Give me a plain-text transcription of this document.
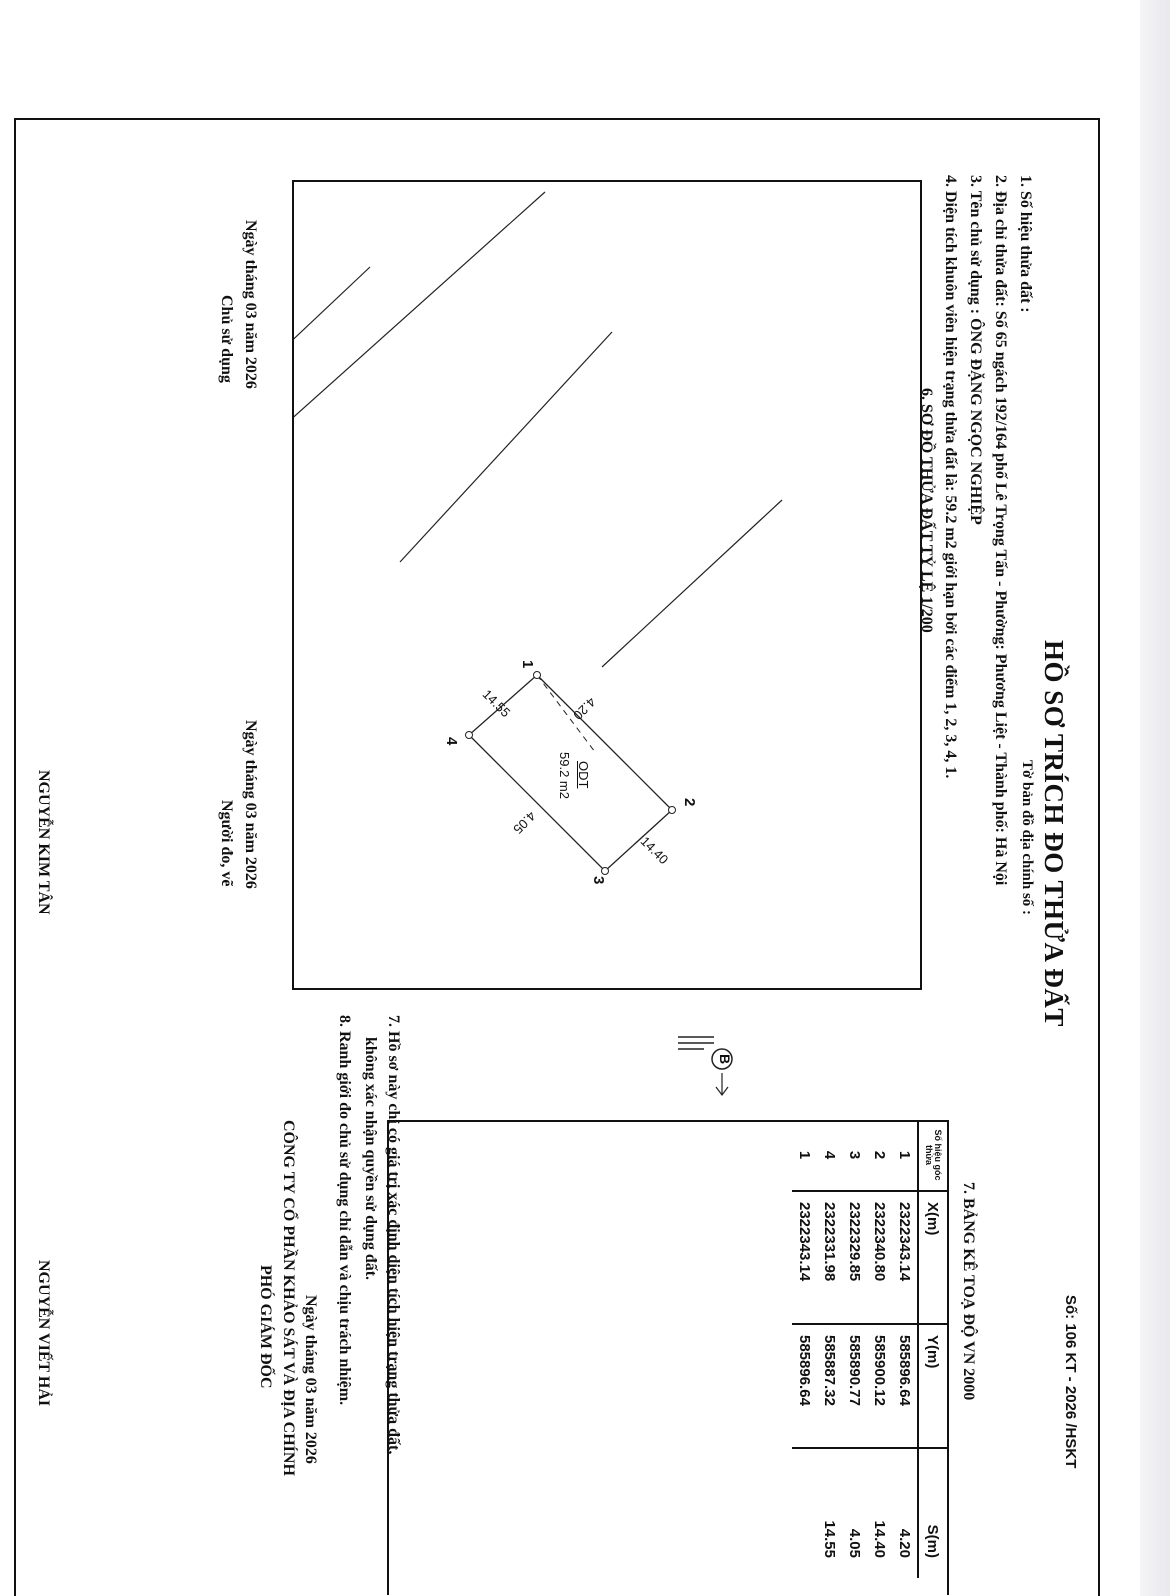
Số: 106 KT - 2026 /HSKT
HỒ SƠ TRÍCH ĐO THỬA ĐẤT
Tờ bản đồ địa chính số :
1. Số hiệu thửa đất :
2. Địa chỉ thửa đất: Số 65 ngách 192/164 phố Lê Trọng Tấn - Phường: Phương Liệt - Thành phố: Hà Nội
3. Tên chủ sử dụng : ÔNG ĐẶNG NGỌC NGHIỆP
4. Diện tích khuôn viên hiện trạng thửa đất là: 59.2 m2 giới hạn bởi các điểm 1, 2, 3, 4, 1.
6. SƠ ĐỒ THỬA ĐẤT TỶ LỆ 1/200
7. BẢNG KÊ TOẠ ĐỘ VN 2000
1
2
3
4
4.20
14.40
4.05
14.55
ODT
59.2 m2
B
Số hiệu góc thửa	X(m)	Y(m)	S(m)
1	2322343.14	585896.64	4.20
2	2322340.80	585900.12	14.40
3	2322329.85	585890.77	4.05
4	2322331.98	585887.32	14.55
1	2322343.14	585896.64	
7. Hồ sơ này chỉ có giá trị xác định diện tích hiện trạng thửa đất,
không xác nhận quyền sử dụng đất.
8. Ranh giới đo chủ sử dụng chỉ dẫn và chịu trách nhiệm.
Ngày tháng 03 năm 2026
Chủ sử dụng
Ngày tháng 03 năm 2026
Người đo, vẽ
NGUYỄN KIM TÂN
Ngày tháng 03 năm 2026
CÔNG TY CỔ PHẦN KHẢO SÁT VÀ ĐỊA CHÍNH
PHÓ GIÁM ĐỐC
NGUYỄN VIẾT HẢI
